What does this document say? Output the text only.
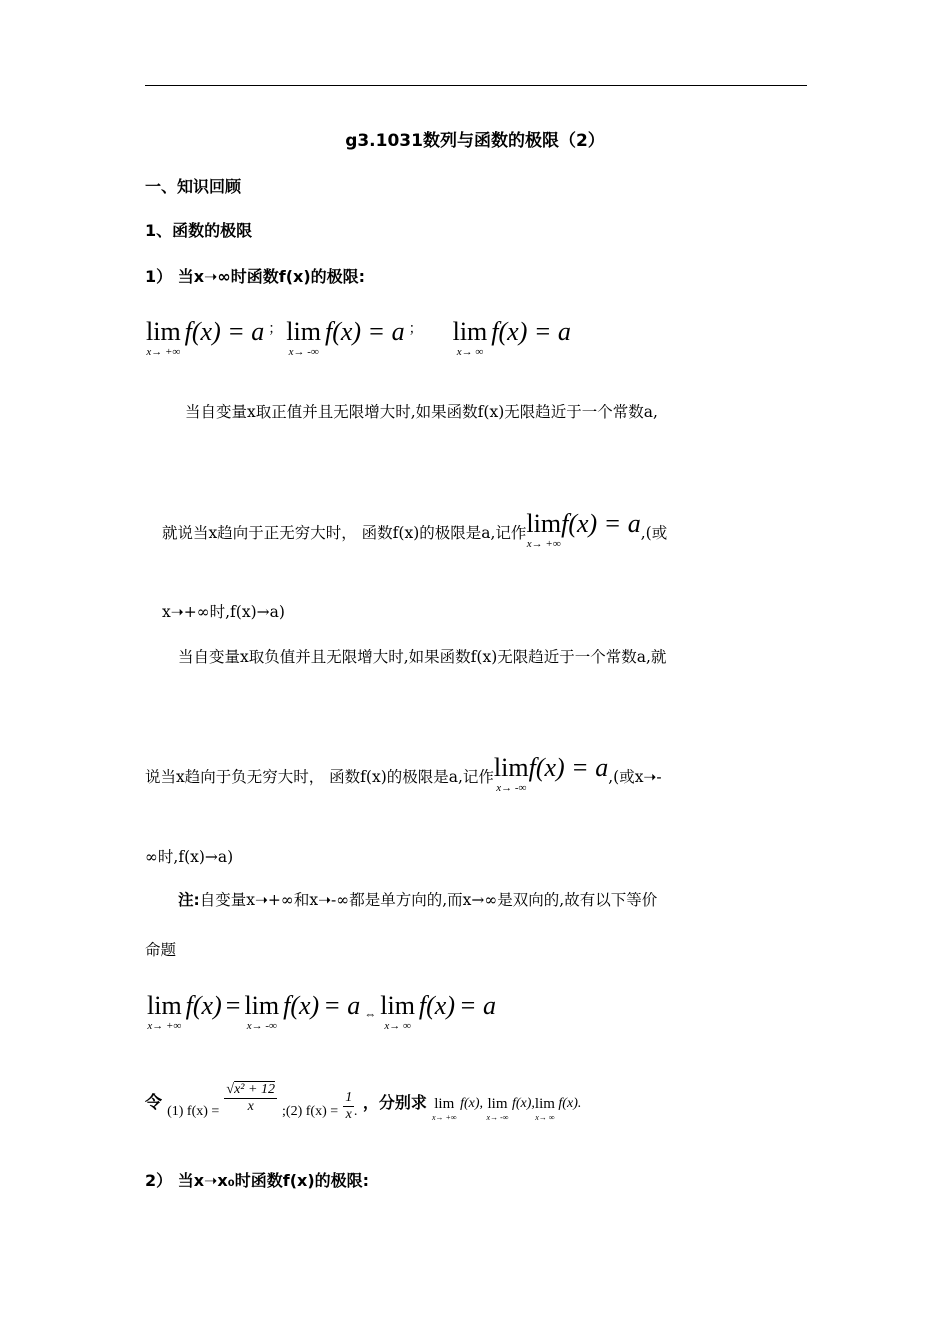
g3.1031数列与函数的极限（2）
一、知识回顾
1、函数的极限
1） 当x➝∞时函数f(x)的极限:
lim
x→ +∞
f(x) = a ； lim
x→ -∞
f(x) = a ； lim
x→ ∞
f(x) = a
当自变量x取正值并且无限增大时,如果函数f(x)无限趋近于一个常数a,
就说当x趋向于正无穷大时， 函数f(x)的极限是a,记作lim
x→ +∞
f(x) = a,(或
x➝+∞时,f(x)→a)
当自变量x取负值并且无限增大时,如果函数f(x)无限趋近于一个常数a,就
说当x趋向于负无穷大时， 函数f(x)的极限是a,记作lim
x→ -∞
f(x) = a,(或x➝-
∞时,f(x)→a)
注:自变量x➝+∞和x➝-∞都是单方向的,而x→∞是双向的,故有以下等价
命题
lim
x→ +∞
f(x) = lim
x→ -∞
f(x) = a $_\Leftrightarrow$ lim
x→ ∞
f(x) = a
令 (1) $f(x) = \frac{\text{√x² + 12}}{x}$ ;(2) $f(x) = \frac{1}{x}$ . ，分别求 lim
x→ +∞
f(x), lim
x→ -∞
f(x),lim
x→ ∞
f(x).
2） 当x➝x₀时函数f(x)的极限:
